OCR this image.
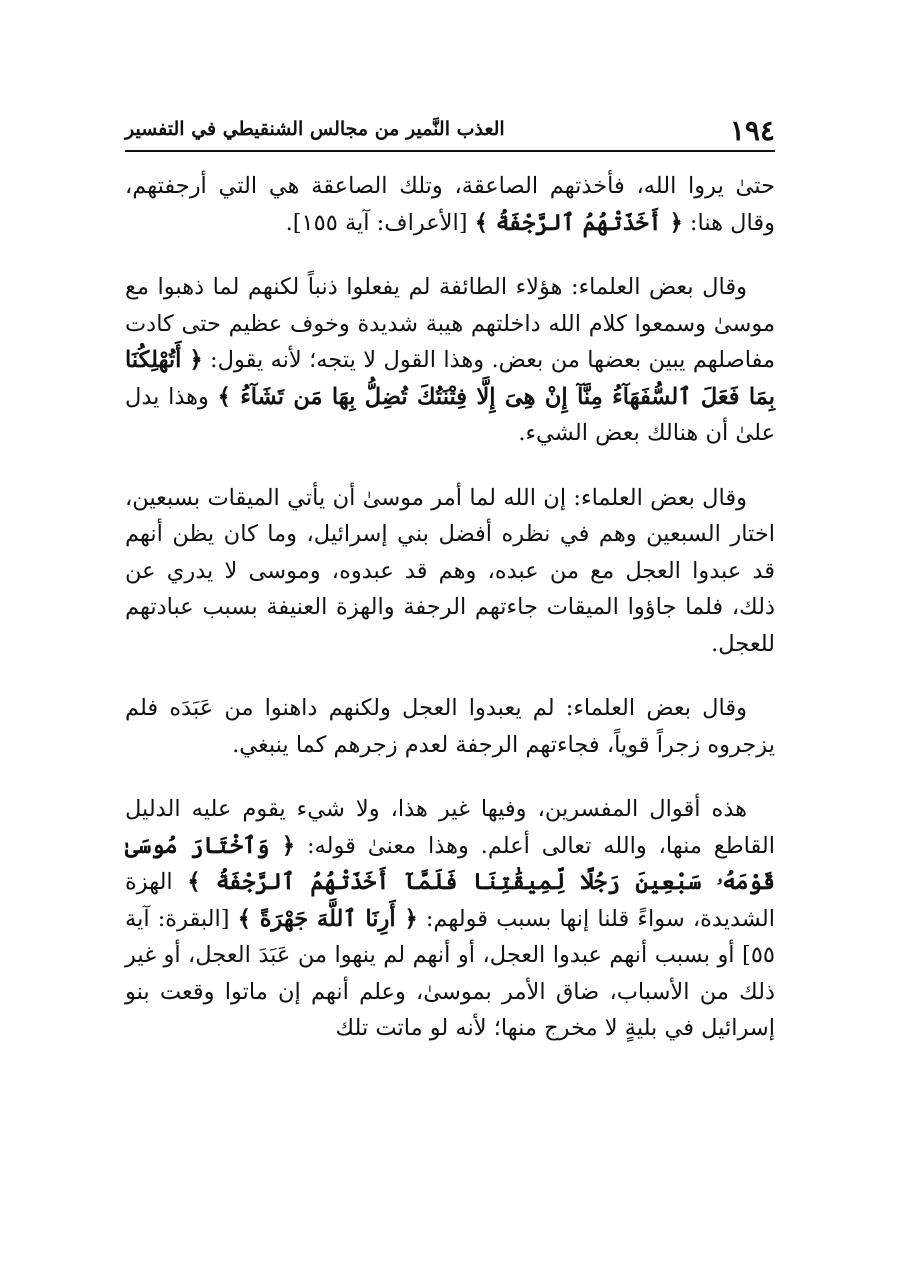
١٩٤
العذب النَّمير من مجالس الشنقيطي في التفسير

حتىٰ يروا الله، فأخذتهم الصاعقة، وتلك الصاعقة هي التي أرجفتهم، وقال هنا: ﴿ أَخَذَتْهُمُ ٱلرَّجْفَةُ ﴾ [الأعراف: آية ١٥٥].

وقال بعض العلماء: هؤلاء الطائفة لم يفعلوا ذنباً لكنهم لما ذهبوا مع موسىٰ وسمعوا كلام الله داخلتهم هيبة شديدة وخوف عظيم حتى كادت مفاصلهم يبين بعضها من بعض. وهذا القول لا يتجه؛ لأنه يقول: ﴿ أَتُهْلِكُنَا بِمَا فَعَلَ ٱلسُّفَهَآءُ مِنَّآ إِنْ هِىَ إِلَّا فِتْنَتُكَ تُضِلُّ بِهَا مَن تَشَآءُ ﴾ وهذا يدل علىٰ أن هنالك بعض الشيء.

وقال بعض العلماء: إن الله لما أمر موسىٰ أن يأتي الميقات بسبعين، اختار السبعين وهم في نظره أفضل بني إسرائيل، وما كان يظن أنهم قد عبدوا العجل مع من عبده، وهم قد عبدوه، وموسى لا يدري عن ذلك، فلما جاؤوا الميقات جاءتهم الرجفة والهزة العنيفة بسبب عبادتهم للعجل.

وقال بعض العلماء: لم يعبدوا العجل ولكنهم داهنوا من عَبَدَه فلم يزجروه زجراً قوياً، فجاءتهم الرجفة لعدم زجرهم كما ينبغي.

هذه أقوال المفسرين، وفيها غير هذا، ولا شيء يقوم عليه الدليل القاطع منها، والله تعالى أعلم. وهذا معنىٰ قوله: ﴿ وَٱخْتَارَ مُوسَىٰ قَوْمَهُۥ سَبْعِينَ رَجُلًا لِّمِيقَٰتِنَا فَلَمَّآ أَخَذَتْهُمُ ٱلرَّجْفَةُ ﴾ الهزة الشديدة، سواءً قلنا إنها بسبب قولهم: ﴿ أَرِنَا ٱللَّهَ جَهْرَةً ﴾ [البقرة: آية ٥٥] أو بسبب أنهم عبدوا العجل، أو أنهم لم ينهوا من عَبَدَ العجل، أو غير ذلك من الأسباب، ضاق الأمر بموسىٰ، وعلم أنهم إن ماتوا وقعت بنو إسرائيل في بليةٍ لا مخرج منها؛ لأنه لو ماتت تلك
